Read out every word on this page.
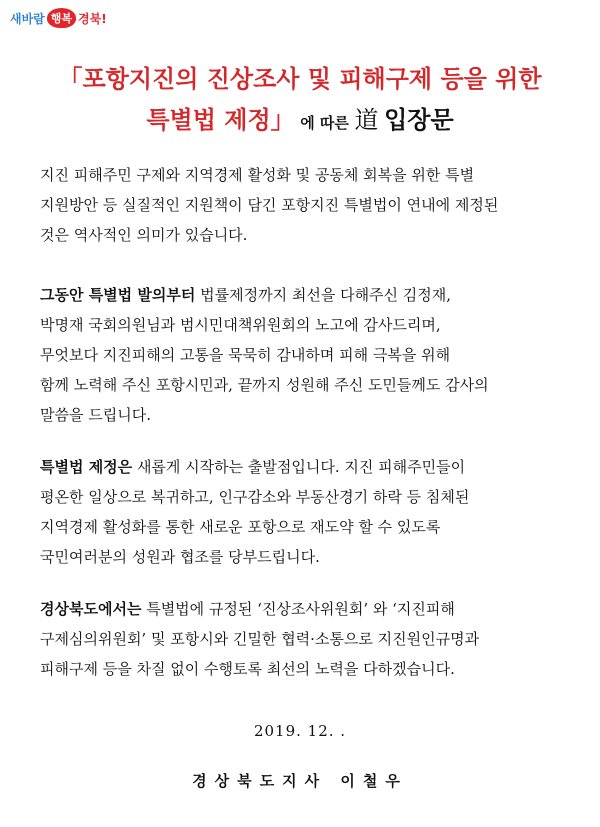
새바람 행복 경북!
「포항지진의 진상조사 및 피해구제 등을 위한
특별법 제정」 에 따른 道 입장문

지진 피해주민 구제와 지역경제 활성화 및 공동체 회복을 위한 특별
지원방안 등 실질적인 지원책이 담긴 포항지진 특별법이 연내에 제정된
것은 역사적인 의미가 있습니다.

그동안 특별법 발의부터 법률제정까지 최선을 다해주신 김정재,
박명재 국회의원님과 범시민대책위원회의 노고에 감사드리며,
무엇보다 지진피해의 고통을 묵묵히 감내하며 피해 극복을 위해
함께 노력해 주신 포항시민과, 끝까지 성원해 주신 도민들께도 감사의
말씀을 드립니다.

특별법 제정은 새롭게 시작하는 출발점입니다. 지진 피해주민들이
평온한 일상으로 복귀하고, 인구감소와 부동산경기 하락 등 침체된
지역경제 활성화를 통한 새로운 포항으로 재도약 할 수 있도록
국민여러분의 성원과 협조를 당부드립니다.

경상북도에서는 특별법에 규정된 ‘진상조사위원회’ 와 ‘지진피해
구제심의위원회’ 및 포항시와 긴밀한 협력·소통으로 지진원인규명과
피해구제 등을 차질 없이 수행토록 최선의 노력을 다하겠습니다.

2019. 12. .
경상북도지사 이철우
